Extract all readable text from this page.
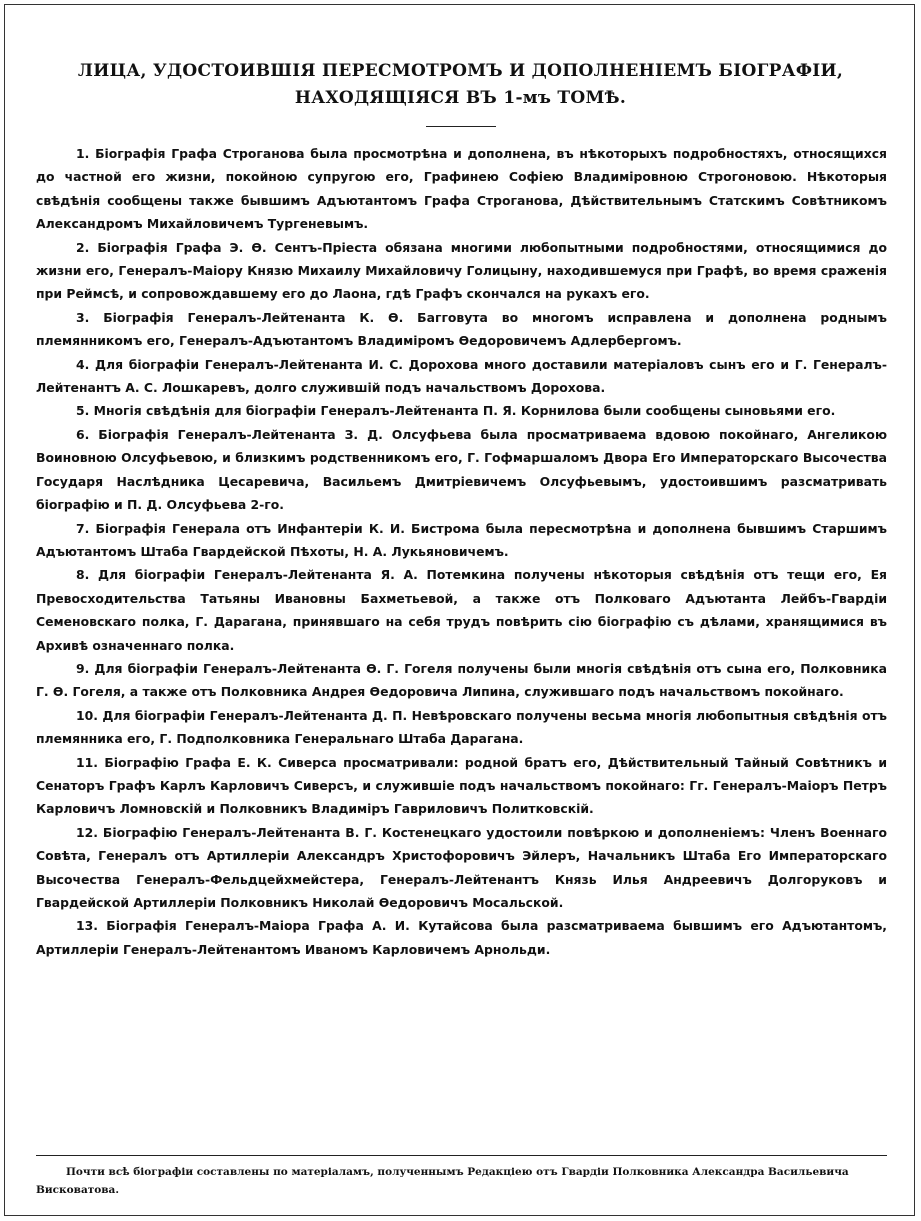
ЛИЦА, УДОСТОИВШІЯ ПЕРЕСМОТРОМЪ И ДОПОЛНЕНІЕМЪ БІОГРАФІИ,
НАХОДЯЩІЯСЯ ВЪ 1-мъ ТОМѢ.

1. Біографія Графа Строганова была просмотрѣна и дополнена, въ нѣкоторыхъ подробностяхъ, относящихся до частной его жизни, покойною супругою его, Графинею Софіею Владиміровною Строгоновою. Нѣкоторыя свѣдѣнія сообщены также бывшимъ Адъютантомъ Графа Строганова, Дѣйствительнымъ Статскимъ Совѣтникомъ Александромъ Михайловичемъ Тургеневымъ.

2. Біографія Графа Э. Ѳ. Сентъ-Пріеста обязана многими любопытными подробностями, относящимися до жизни его, Генералъ-Маіору Князю Михаилу Михайловичу Голицыну, находившемуся при Графѣ, во время сраженія при Реймсѣ, и сопровождавшему его до Лаона, гдѣ Графъ скончался на рукахъ его.

3. Біографія Генералъ-Лейтенанта К. Ѳ. Багговута во многомъ исправлена и дополнена роднымъ племянникомъ его, Генералъ-Адъютантомъ Владиміромъ Ѳедоровичемъ Адлербергомъ.

4. Для біографіи Генералъ-Лейтенанта И. С. Дорохова много доставили матеріаловъ сынъ его и Г. Генералъ-Лейтенантъ А. С. Лошкаревъ, долго служившій подъ начальствомъ Дорохова.

5. Многія свѣдѣнія для біографіи Генералъ-Лейтенанта П. Я. Корнилова были сообщены сыновьями его.

6. Біографія Генералъ-Лейтенанта З. Д. Олсуфьева была просматриваема вдовою покойнаго, Ангеликою Воиновною Олсуфьевою, и близкимъ родственникомъ его, Г. Гофмаршаломъ Двора Его Императорскаго Высочества Государя Наслѣдника Цесаревича, Васильемъ Дмитріевичемъ Олсуфьевымъ, удостоившимъ разсматривать біографію и П. Д. Олсуфьева 2-го.

7. Біографія Генерала отъ Инфантеріи К. И. Бистрома была пересмотрѣна и дополнена бывшимъ Старшимъ Адъютантомъ Штаба Гвардейской Пѣхоты, Н. А. Лукьяновичемъ.

8. Для біографіи Генералъ-Лейтенанта Я. А. Потемкина получены нѣкоторыя свѣдѣнія отъ тещи его, Ея Превосходительства Татьяны Ивановны Бахметьевой, а также отъ Полковаго Адъютанта Лейбъ-Гвардіи Семеновскаго полка, Г. Дарагана, принявшаго на себя трудъ повѣрить сію біографію съ дѣлами, хранящимися въ Архивѣ означеннаго полка.

9. Для біографіи Генералъ-Лейтенанта Ѳ. Г. Гогеля получены были многія свѣдѣнія отъ сына его, Полковника Г. Ѳ. Гогеля, а также отъ Полковника Андрея Ѳедоровича Липина, служившаго подъ начальствомъ покойнаго.

10. Для біографіи Генералъ-Лейтенанта Д. П. Невѣровскаго получены весьма многія любопытныя свѣдѣнія отъ племянника его, Г. Подполковника Генеральнаго Штаба Дарагана.

11. Біографію Графа Е. К. Сиверса просматривали: родной братъ его, Дѣйствительный Тайный Совѣтникъ и Сенаторъ Графъ Карлъ Карловичъ Сиверсъ, и служившіе подъ начальствомъ покойнаго: Гг. Генералъ-Маіоръ Петръ Карловичъ Ломновскій и Полковникъ Владиміръ Гавриловичъ Политковскій.

12. Біографію Генералъ-Лейтенанта В. Г. Костенецкаго удостоили повѣркою и дополненіемъ: Членъ Военнаго Совѣта, Генералъ отъ Артиллеріи Александръ Христофоровичъ Эйлеръ, Начальникъ Штаба Его Императорскаго Высочества Генералъ-Фельдцейхмейстера, Генералъ-Лейтенантъ Князь Илья Андреевичъ Долгоруковъ и Гвардейской Артиллеріи Полковникъ Николай Ѳедоровичъ Мосальской.

13. Біографія Генералъ-Маіора Графа А. И. Кутайсова была разсматриваема бывшимъ его Адъютантомъ, Артиллеріи Генералъ-Лейтенантомъ Иваномъ Карловичемъ Арнольди.

Почти всѣ біографіи составлены по матеріаламъ, полученнымъ Редакціею отъ Гвардіи Полковника Александра Васильевича Висковатова.
